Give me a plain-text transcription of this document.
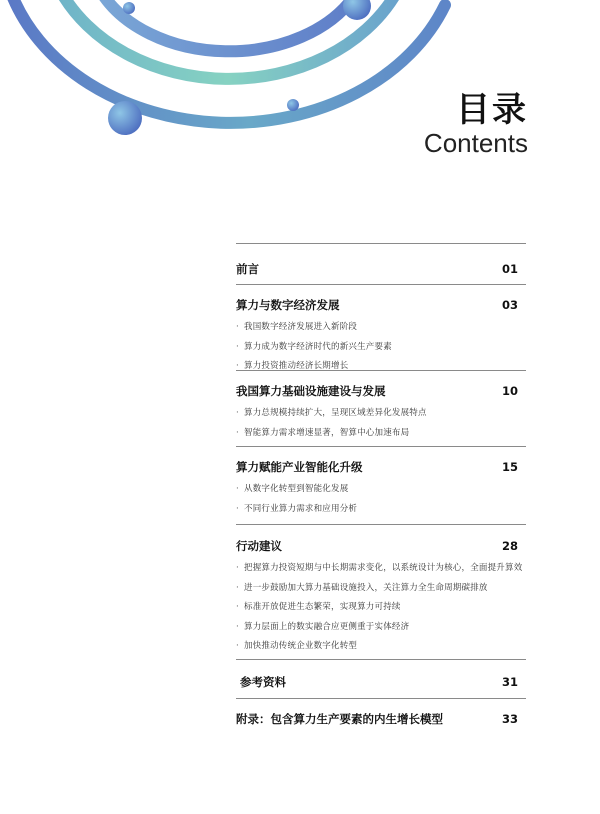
目录
Contents
前言	01
算力与数字经济发展	03
· 我国数字经济发展进入新阶段
· 算力成为数字经济时代的新兴生产要素
· 算力投资推动经济长期增长
我国算力基础设施建设与发展	10
· 算力总规模持续扩大，呈现区域差异化发展特点
· 智能算力需求增速显著，智算中心加速布局
算力赋能产业智能化升级	15
· 从数字化转型到智能化发展
· 不同行业算力需求和应用分析
行动建议	28
· 把握算力投资短期与中长期需求变化，以系统设计为核心，全面提升算效
· 进一步鼓励加大算力基础设施投入，关注算力全生命周期碳排放
· 标准开放促进生态繁荣，实现算力可持续
· 算力层面上的数实融合应更侧重于实体经济
· 加快推动传统企业数字化转型
参考资料	31
附录：包含算力生产要素的内生增长模型	33
